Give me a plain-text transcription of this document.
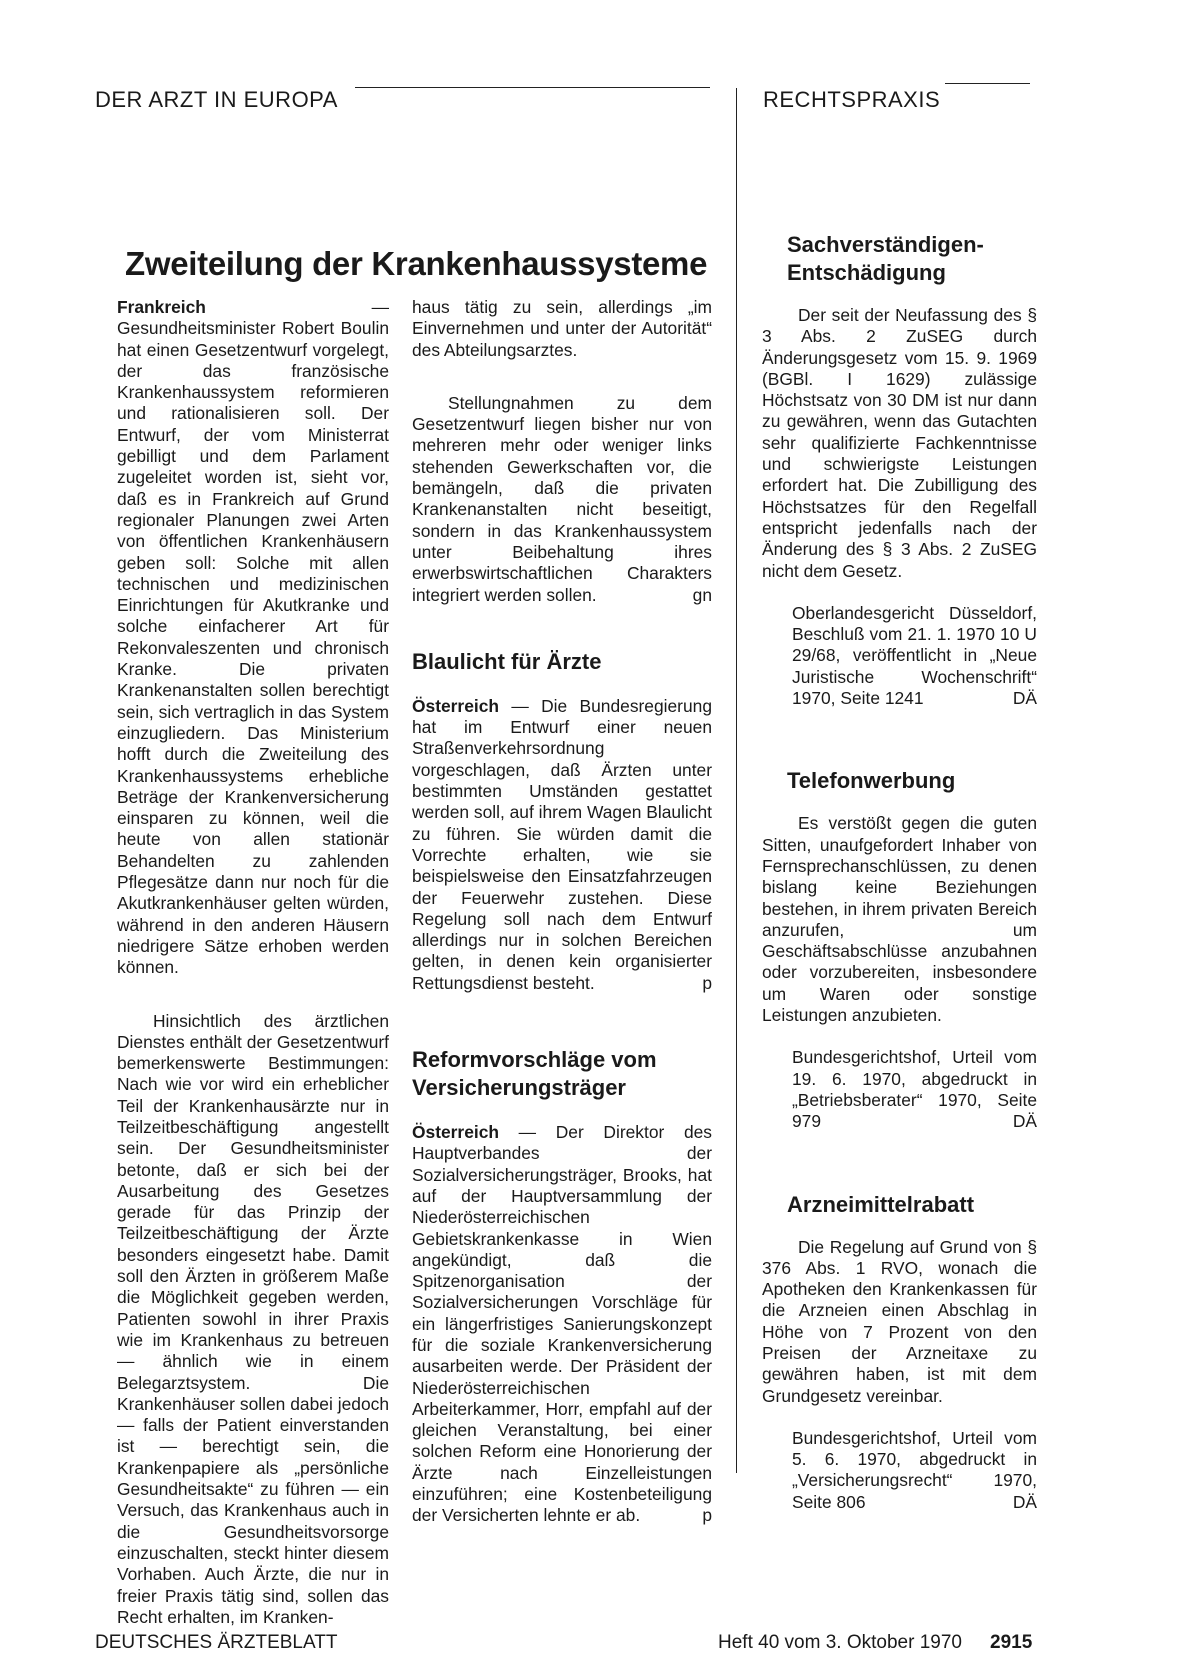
DER ARZT IN EUROPA	RECHTSPRAXIS
Zweiteilung der Krankenhaussysteme

Frankreich — Gesundheitsminister Robert Boulin hat einen Gesetzentwurf vorgelegt, der das französische Krankenhaussystem reformieren und rationalisieren soll. Der Entwurf, der vom Ministerrat gebilligt und dem Parlament zugeleitet worden ist, sieht vor, daß es in Frankreich auf Grund regionaler Planungen zwei Arten von öffentlichen Krankenhäusern geben soll: Solche mit allen technischen und medizinischen Einrichtungen für Akutkranke und solche einfacherer Art für Rekonvaleszenten und chronisch Kranke. Die privaten Krankenanstalten sollen berechtigt sein, sich vertraglich in das System einzugliedern. Das Ministerium hofft durch die Zweiteilung des Krankenhaussystems erhebliche Beträge der Krankenversicherung einsparen zu können, weil die heute von allen stationär Behandelten zu zahlenden Pflegesätze dann nur noch für die Akutkrankenhäuser gelten würden, während in den anderen Häusern niedrigere Sätze erhoben werden können.

Hinsichtlich des ärztlichen Dienstes enthält der Gesetzentwurf bemerkenswerte Bestimmungen: Nach wie vor wird ein erheblicher Teil der Krankenhausärzte nur in Teilzeitbeschäftigung angestellt sein. Der Gesundheitsminister betonte, daß er sich bei der Ausarbeitung des Gesetzes gerade für das Prinzip der Teilzeitbeschäftigung der Ärzte besonders eingesetzt habe. Damit soll den Ärzten in größerem Maße die Möglichkeit gegeben werden, Patienten sowohl in ihrer Praxis wie im Krankenhaus zu betreuen — ähnlich wie in einem Belegarztsystem. Die Krankenhäuser sollen dabei jedoch — falls der Patient einverstanden ist — berechtigt sein, die Krankenpapiere als „persönliche Gesundheitsakte“ zu führen — ein Versuch, das Krankenhaus auch in die Gesundheitsvorsorge einzuschalten, steckt hinter diesem Vorhaben. Auch Ärzte, die nur in freier Praxis tätig sind, sollen das Recht erhalten, im Kranken-

haus tätig zu sein, allerdings „im Einvernehmen und unter der Autorität“ des Abteilungsarztes.

Stellungnahmen zu dem Gesetzentwurf liegen bisher nur von mehreren mehr oder weniger links stehenden Gewerkschaften vor, die bemängeln, daß die privaten Krankenanstalten nicht beseitigt, sondern in das Krankenhaussystem unter Beibehaltung ihres erwerbswirtschaftlichen Charakters integriert werden sollen.	gn

Blaulicht für Ärzte

Österreich — Die Bundesregierung hat im Entwurf einer neuen Straßenverkehrsordnung vorgeschlagen, daß Ärzten unter bestimmten Umständen gestattet werden soll, auf ihrem Wagen Blaulicht zu führen. Sie würden damit die Vorrechte erhalten, wie sie beispielsweise den Einsatzfahrzeugen der Feuerwehr zustehen. Diese Regelung soll nach dem Entwurf allerdings nur in solchen Bereichen gelten, in denen kein organisierter Rettungsdienst besteht.	p

Reformvorschläge vom Versicherungsträger

Österreich — Der Direktor des Hauptverbandes der Sozialversicherungsträger, Brooks, hat auf der Hauptversammlung der Niederösterreichischen Gebietskrankenkasse in Wien angekündigt, daß die Spitzenorganisation der Sozialversicherungen Vorschläge für ein längerfristiges Sanierungskonzept für die soziale Krankenversicherung ausarbeiten werde. Der Präsident der Niederösterreichischen Arbeiterkammer, Horr, empfahl auf der gleichen Veranstaltung, bei einer solchen Reform eine Honorierung der Ärzte nach Einzelleistungen einzuführen; eine Kostenbeteiligung der Versicherten lehnte er ab.	p

Sachverständigen-Entschädigung

Der seit der Neufassung des § 3 Abs. 2 ZuSEG durch Änderungsgesetz vom 15. 9. 1969 (BGBl. I 1629) zulässige Höchstsatz von 30 DM ist nur dann zu gewähren, wenn das Gutachten sehr qualifizierte Fachkenntnisse und schwierigste Leistungen erfordert hat. Die Zubilligung des Höchstsatzes für den Regelfall entspricht jedenfalls nach der Änderung des § 3 Abs. 2 ZuSEG nicht dem Gesetz.

Oberlandesgericht Düsseldorf, Beschluß vom 21. 1. 1970 10 U 29/68, veröffentlicht in „Neue Juristische Wochenschrift“ 1970, Seite 1241	DÄ

Telefonwerbung

Es verstößt gegen die guten Sitten, unaufgefordert Inhaber von Fernsprechanschlüssen, zu denen bislang keine Beziehungen bestehen, in ihrem privaten Bereich anzurufen, um Geschäftsabschlüsse anzubahnen oder vorzubereiten, insbesondere um Waren oder sonstige Leistungen anzubieten.

Bundesgerichtshof, Urteil vom 19. 6. 1970, abgedruckt in „Betriebsberater“ 1970, Seite 979	DÄ

Arzneimittelrabatt

Die Regelung auf Grund von § 376 Abs. 1 RVO, wonach die Apotheken den Krankenkassen für die Arzneien einen Abschlag in Höhe von 7 Prozent von den Preisen der Arzneitaxe zu gewähren haben, ist mit dem Grundgesetz vereinbar.

Bundesgerichtshof, Urteil vom 5. 6. 1970, abgedruckt in „Versicherungsrecht“ 1970, Seite 806	DÄ

DEUTSCHES ÄRZTEBLATT	Heft 40 vom 3. Oktober 1970 2915
